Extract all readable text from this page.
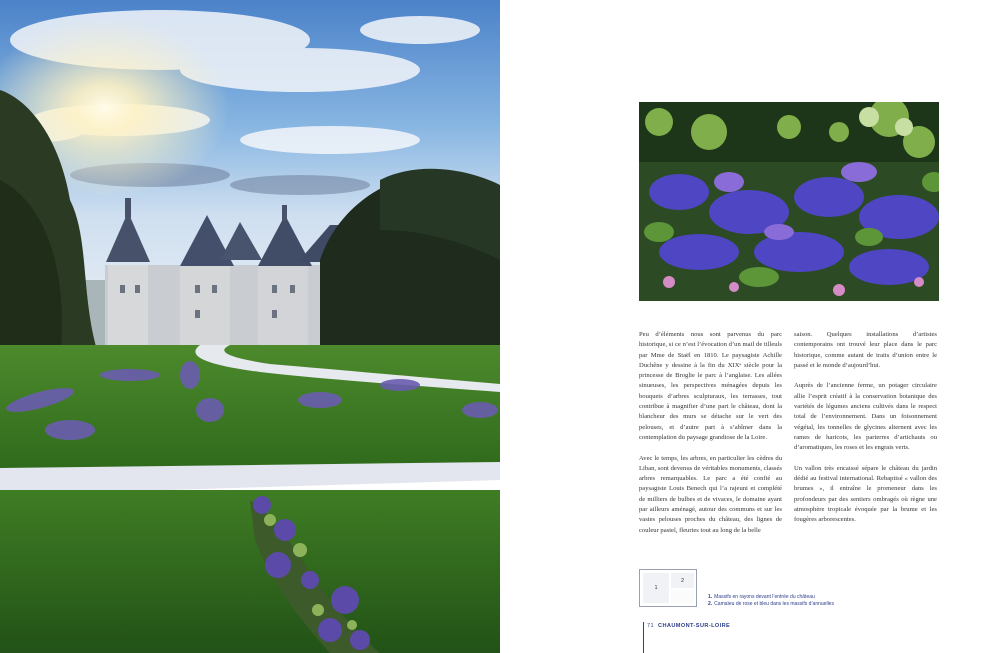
Peu d’éléments nous sont parvenus du parc historique, si ce n’est l’évocation d’un mail de tilleuls par Mme de Staël en 1810. Le paysagiste Achille Duchêne y dessine à la fin du XIXᵉ siècle pour la princesse de Broglie le parc à l’anglaise. Les allées sinueuses, les perspectives ménagées depuis les bouquets d’arbres sculpturaux, les terrasses, tout contribue à magnifier d’une part le château, dont la blancheur des murs se détache sur le vert des pelouses, et d’autre part à s’abîmer dans la contemplation du paysage grandiose de la Loire.

Avec le temps, les arbres, en particulier les cèdres du Liban, sont devenus de véritables monuments, classés arbres remarquables. Le parc a été confié au paysagiste Louis Benech qui l’a rajeuni et complété de milliers de bulbes et de vivaces, le domaine ayant par ailleurs aménagé, autour des communs et sur les vastes pelouses proches du château, des lignes de couleur pastel, fleuries tout au long de la belle

saison. Quelques installations d’artistes contemporains ont trouvé leur place dans le parc historique, comme autant de traits d’union entre le passé et le monde d’aujourd’hui.

Auprès de l’ancienne ferme, un potager circulaire allie l’esprit créatif à la conservation botanique des variétés de légumes anciens cultivés dans le respect total de l’environnement. Dans un foisonnement végétal, les tonnelles de glycines alternent avec les rames de haricots, les parterres d’artichauts ou d’aromatiques, les roses et les engrais verts.

Un vallon très encaissé sépare le château du jardin dédié au festival international. Rebaptisé « vallon des brumes », il entraîne le promeneur dans les profondeurs par des sentiers ombragés où règne une atmosphère tropicale évoquée par la brume et les fougères arborescentes.

1
2
1. Massifs en rayons devant l’entrée du château
2. Camaïeu de rose et bleu dans les massifs d’annuelles
71 CHAUMONT-SUR-LOIRE
